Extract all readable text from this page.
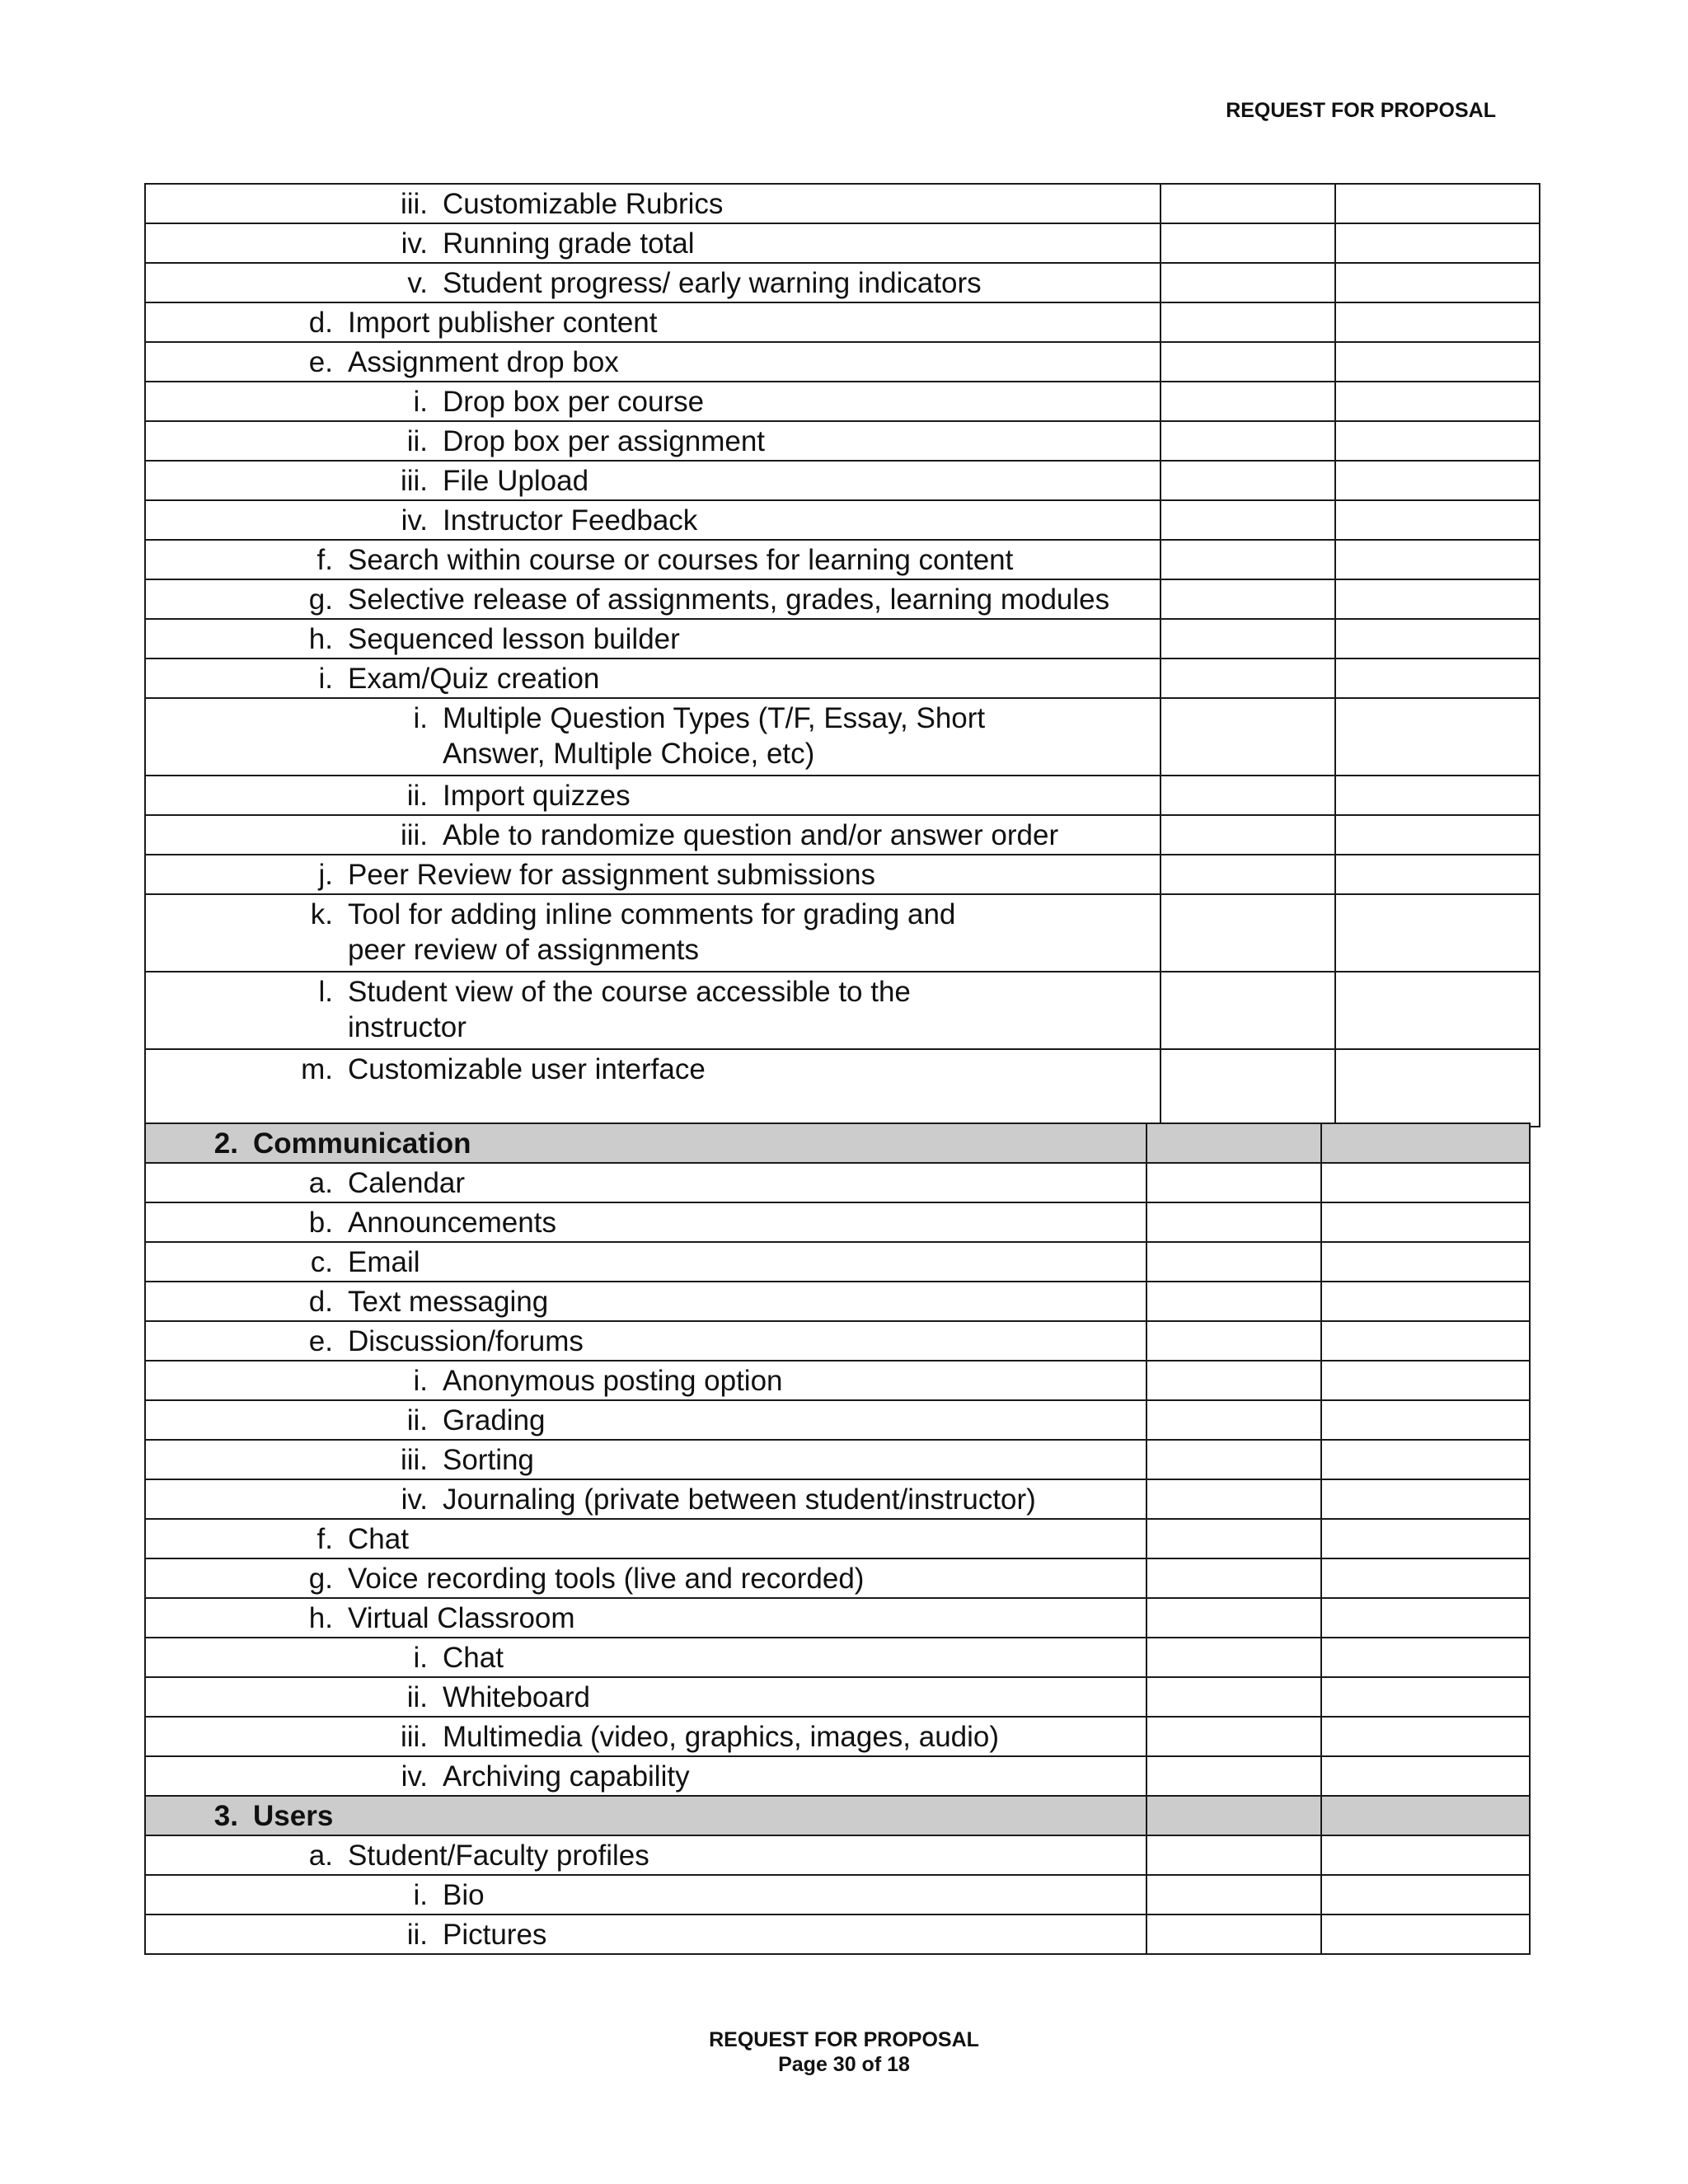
REQUEST FOR PROPOSAL
iii. Customizable Rubrics		

iv. Running grade total		

v. Student progress/ early warning indicators		

d. Import publisher content		

e. Assignment drop box		

i. Drop box per course		

ii. Drop box per assignment		

iii. File Upload		

iv. Instructor Feedback		

f. Search within course or courses for learning content		

g. Selective release of assignments, grades, learning modules		

h. Sequenced lesson builder		

i. Exam/Quiz creation		

i. Multiple Question Types (T/F, Essay, Short Answer, Multiple Choice, etc)		

ii. Import quizzes		

iii. Able to randomize question and/or answer order		

j. Peer Review for assignment submissions		

k. Tool for adding inline comments for grading and peer review of assignments		

l. Student view of the course accessible to the instructor		

m. Customizable user interface		

2. Communication		

a. Calendar		

b. Announcements		

c. Email		

d. Text messaging		

e. Discussion/forums		

i. Anonymous posting option		

ii. Grading		

iii. Sorting		

iv. Journaling (private between student/instructor)		

f. Chat		

g. Voice recording tools (live and recorded)		

h. Virtual Classroom		

i. Chat		

ii. Whiteboard		

iii. Multimedia (video, graphics, images, audio)		

iv. Archiving capability		

3. Users		

a. Student/Faculty profiles		

i. Bio		

ii. Pictures		

REQUEST FOR PROPOSAL
Page 30 of 18
